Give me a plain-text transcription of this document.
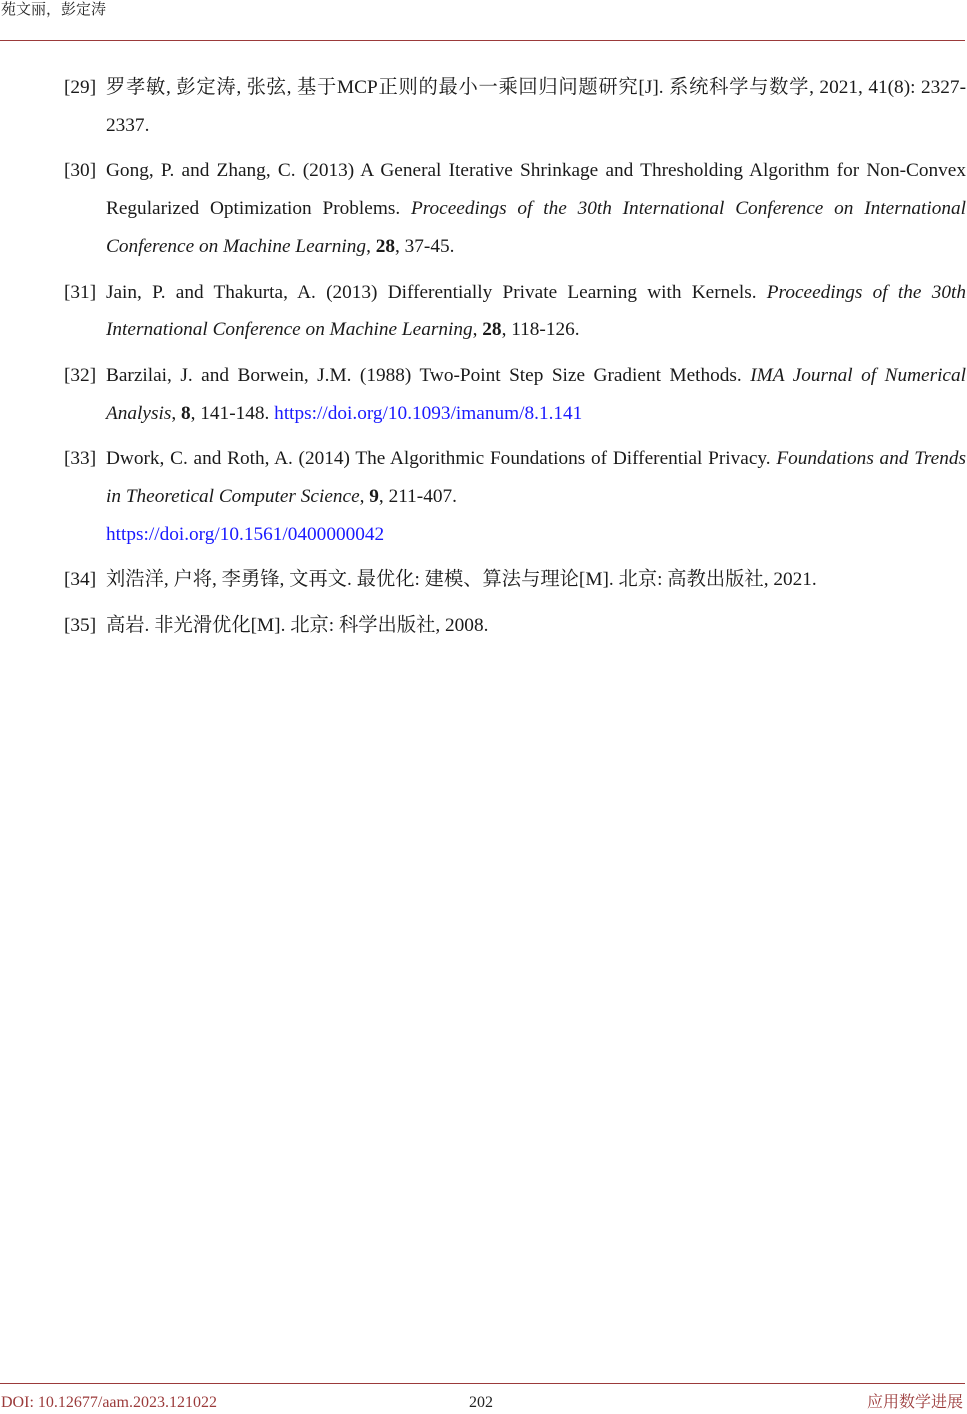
苑文丽，彭定涛
[29] 罗孝敏, 彭定涛, 张弦, 基于MCP正则的最小一乘回归问题研究[J]. 系统科学与数学, 2021, 41(8): 2327-2337.
[30] Gong, P. and Zhang, C. (2013) A General Iterative Shrinkage and Thresholding Algorithm for Non-Convex Regularized Optimization Problems. Proceedings of the 30th International Conference on International Conference on Machine Learning, 28, 37-45.
[31] Jain, P. and Thakurta, A. (2013) Differentially Private Learning with Kernels. Proceedings of the 30th International Conference on Machine Learning, 28, 118-126.
[32] Barzilai, J. and Borwein, J.M. (1988) Two-Point Step Size Gradient Methods. IMA Journal of Numerical Analysis, 8, 141-148. https://doi.org/10.1093/imanum/8.1.141
[33] Dwork, C. and Roth, A. (2014) The Algorithmic Foundations of Differential Privacy. Foundations and Trends in Theoretical Computer Science, 9, 211-407.
https://doi.org/10.1561/0400000042
[34] 刘浩洋, 户将, 李勇锋, 文再文. 最优化: 建模、算法与理论[M]. 北京: 高教出版社, 2021.
[35] 高岩. 非光滑优化[M]. 北京: 科学出版社, 2008.
DOI: 10.12677/aam.2023.121022	202	应用数学进展
